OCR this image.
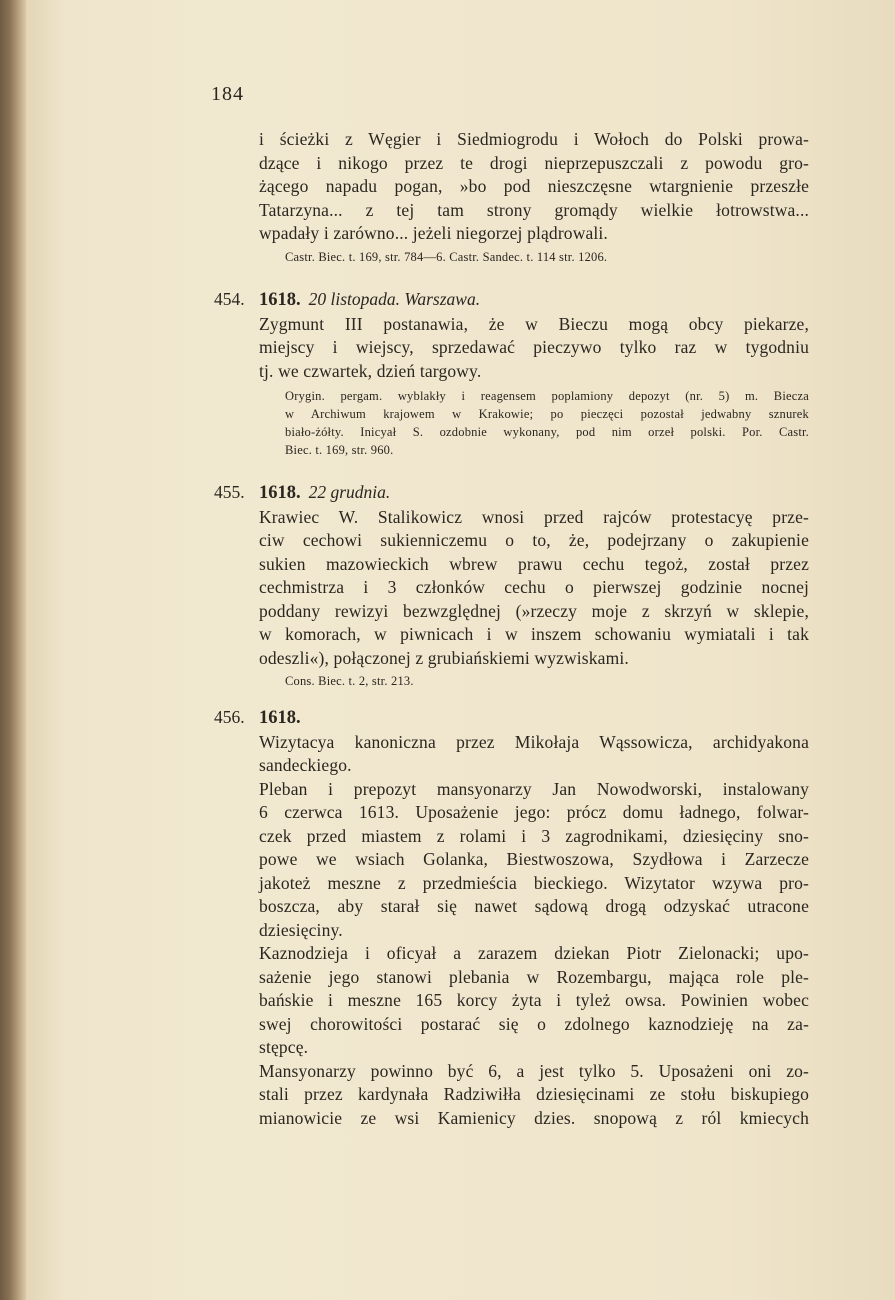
184
i ścieżki z Węgier i Siedmiogrodu i Wołoch do Polski prowa-
dzące i nikogo przez te drogi nieprzepuszczali z powodu gro-
żącego napadu pogan, »bo pod nieszczęsne wtargnienie przeszłe
Tatarzyna... z tej tam strony gromądy wielkie łotrowstwa...
wpadały i zarówno... jeżeli niegorzej plądrowali.
Castr. Biec. t. 169, str. 784—6. Castr. Sandec. t. 114 str. 1206.
454. 1618. 20 listopada. Warszawa.
Zygmunt III postanawia, że w Bieczu mogą obcy piekarze,
miejscy i wiejscy, sprzedawać pieczywo tylko raz w tygodniu
tj. we czwartek, dzień targowy.
Orygin. pergam. wyblakły i reagensem poplamiony depozyt (nr. 5) m. Biecza
w Archiwum krajowem w Krakowie; po pieczęci pozostał jedwabny sznurek
biało-żółty. Inicyał S. ozdobnie wykonany, pod nim orzeł polski. Por. Castr.
Biec. t. 169, str. 960.
455. 1618. 22 grudnia.
Krawiec W. Stalikowicz wnosi przed rajców protestacyę prze-
ciw cechowi sukienniczemu o to, że, podejrzany o zakupienie
sukien mazowieckich wbrew prawu cechu tegoż, został przez
cechmistrza i 3 członków cechu o pierwszej godzinie nocnej
poddany rewizyi bezwzględnej (»rzeczy moje z skrzyń w sklepie,
w komorach, w piwnicach i w inszem schowaniu wymiatali i tak
odeszli«), połączonej z grubiańskiemi wyzwiskami.
Cons. Biec. t. 2, str. 213.
456. 1618.
Wizytacya kanoniczna przez Mikołaja Wąssowicza, archidyakona
sandeckiego.
Pleban i prepozyt mansyonarzy Jan Nowodworski, instalowany
6 czerwca 1613. Uposażenie jego: prócz domu ładnego, folwar-
czek przed miastem z rolami i 3 zagrodnikami, dziesięciny sno-
powe we wsiach Golanka, Biestwoszowa, Szydłowa i Zarzecze
jakoteż meszne z przedmieścia bieckiego. Wizytator wzywa pro-
boszcza, aby starał się nawet sądową drogą odzyskać utracone
dziesięciny.
Kaznodzieja i oficyał a zarazem dziekan Piotr Zielonacki; upo-
sażenie jego stanowi plebania w Rozembargu, mająca role ple-
bańskie i meszne 165 korcy żyta i tyleż owsa. Powinien wobec
swej chorowitości postarać się o zdolnego kaznodzieję na za-
stępcę.
Mansyonarzy powinno być 6, a jest tylko 5. Uposażeni oni zo-
stali przez kardynała Radziwiłła dziesięcinami ze stołu biskupiego
mianowicie ze wsi Kamienicy dzies. snopową z ról kmiecych
